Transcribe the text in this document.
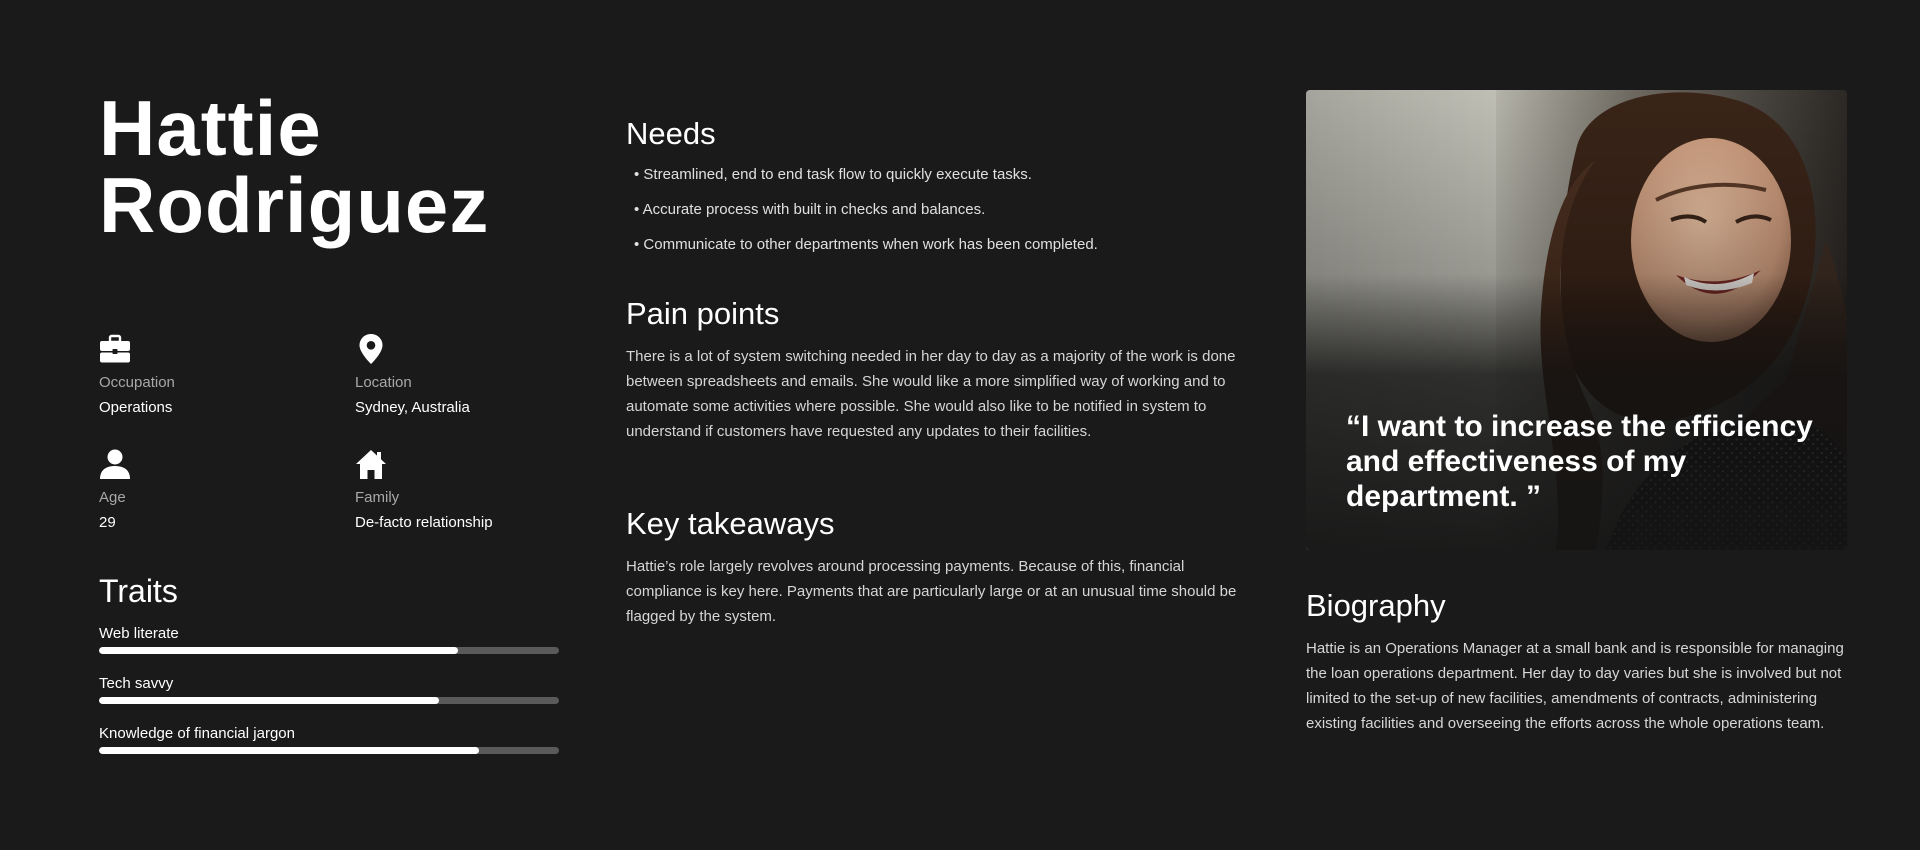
Hattie
Rodriguez
Occupation
Operations
Location
Sydney, Australia
Age
29
Family
De-facto relationship
Traits
Web literate
Tech savvy
Knowledge of financial jargon
Needs
• Streamlined, end to end task flow to quickly execute tasks.
• Accurate process with built in checks and balances.
• Communicate to other departments when work has been completed.
Pain points

There is a lot of system switching needed in her day to day as a majority of the work is done between spreadsheets and emails. She would like a more simplified way of working and to automate some activities where possible. She would also like to be notified in system to understand if customers have requested any updates to their facilities.

Key takeaways

Hattie’s role largely revolves around processing payments. Because of this, financial compliance is key here. Payments that are particularly large or at an unusual time should be flagged by the system.

“I want to increase the efficiency and effectiveness of my department. ”

Biography

Hattie is an Operations Manager at a small bank and is responsible for managing the loan operations department. Her day to day varies but she is involved but not limited to the set-up of new facilities, amendments of contracts, administering existing facilities and overseeing the efforts across the whole operations team.
